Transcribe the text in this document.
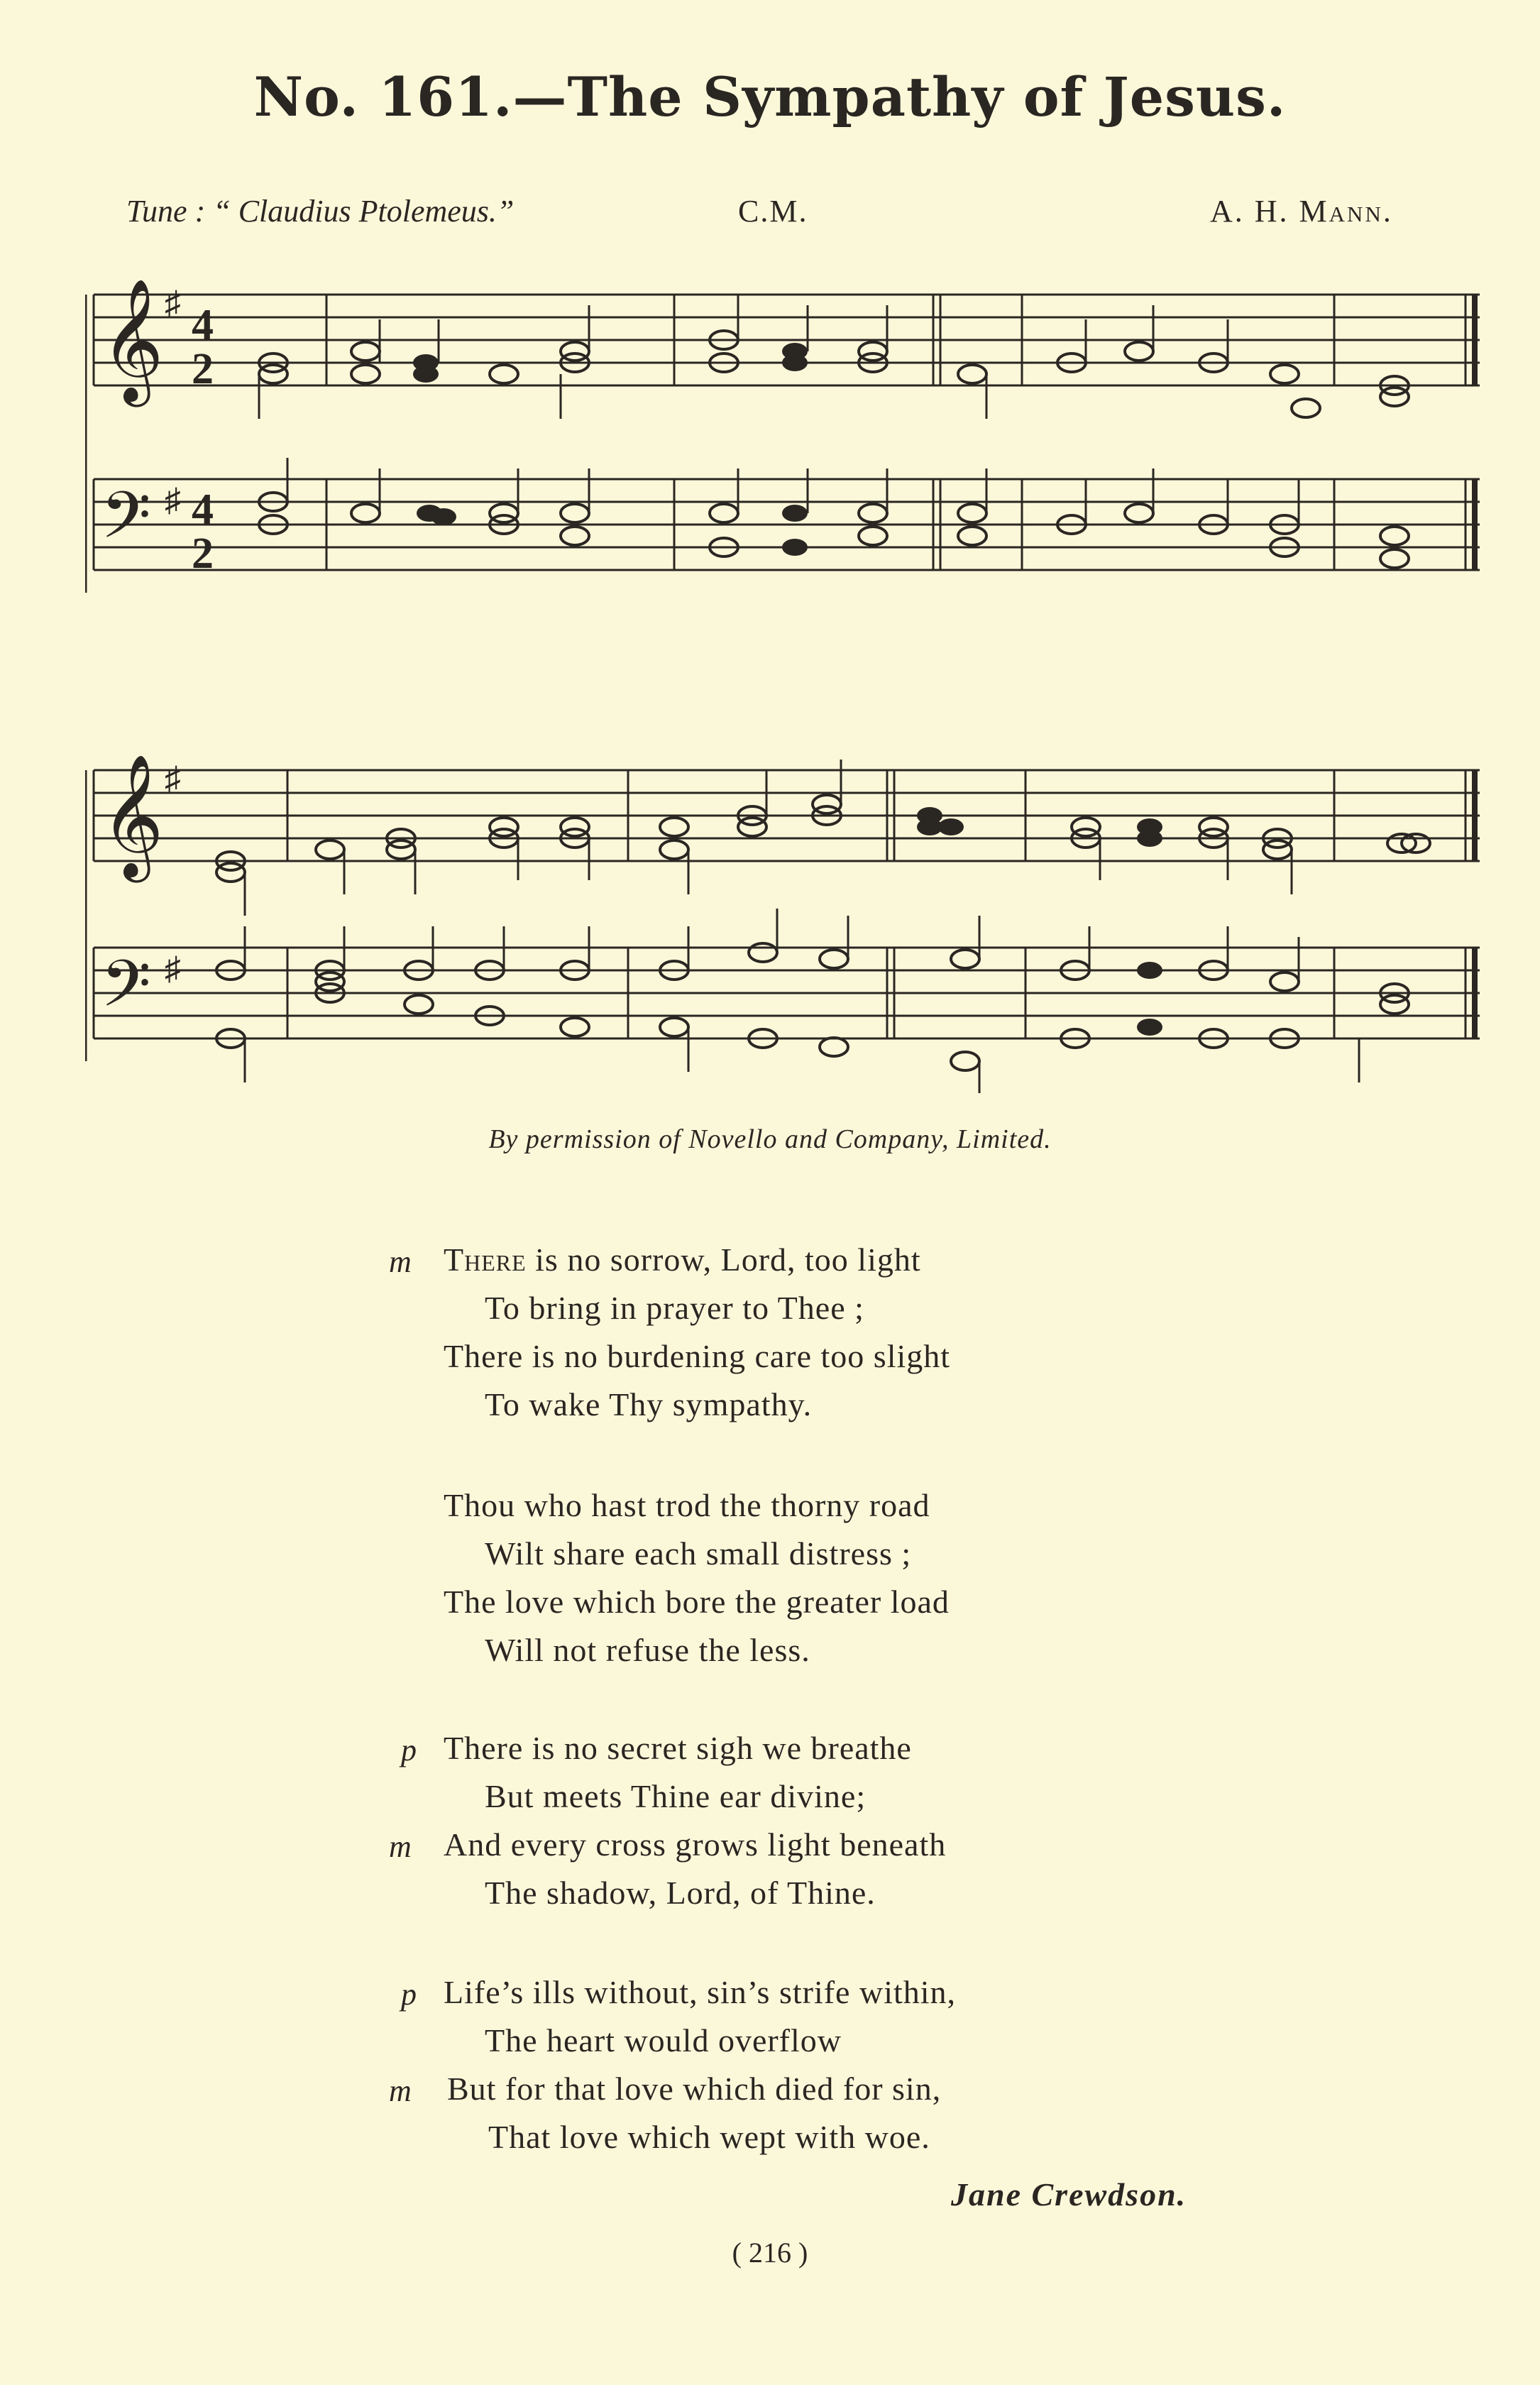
No. 161.—The Sympathy of Jesus.
Tune : “ Claudius Ptolemeus.”	C.M.	A. H. Mann.
𝄞
𝄢
♯
♯
4
2
4
2
𝄞
𝄢
♯
♯
By permission of Novello and Company, Limited.
m There is no sorrow, Lord, too light
To bring in prayer to Thee ;
There is no burdening care too slight
To wake Thy sympathy.
Thou who hast trod the thorny road
Wilt share each small distress ;
The love which bore the greater load
Will not refuse the less.
p There is no secret sigh we breathe
But meets Thine ear divine;
m And every cross grows light beneath
The shadow, Lord, of Thine.
p Life’s ills without, sin’s strife within,
The heart would overflow
m But for that love which died for sin,
That love which wept with woe.
Jane Crewdson.
( 216 )
